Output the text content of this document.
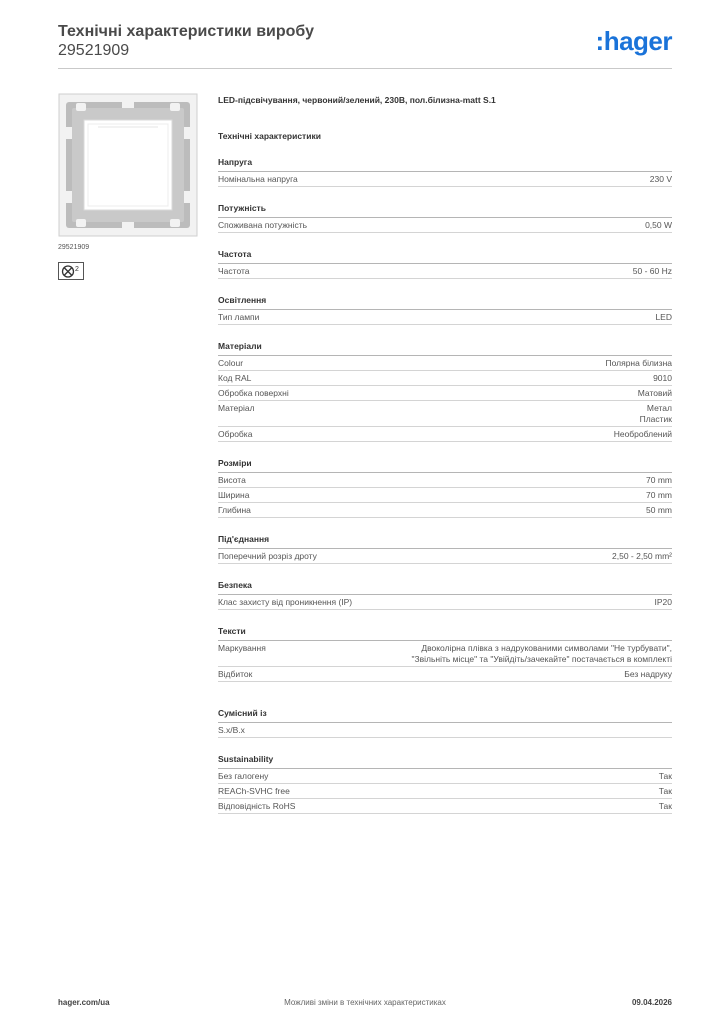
Технічні характеристики виробу
29521909	:hager
29521909
2
LED-підсвічування, червоний/зелений, 230В, пол.білизна-matt S.1
Технічні характеристики
Напруга
Номінальна напруга	230 V
Потужність
Споживана потужність	0,50 W
Частота
Частота	50 - 60 Hz
Освітлення
Тип лампи	LED
Матеріали
Colour	Полярна білизна
Код RAL	9010
Обробка поверхні	Матовий
Матеріал	Метал
Пластик
Обробка	Необроблений
Розміри
Висота	70 mm
Ширина	70 mm
Глибина	50 mm
Під'єднання
Поперечний розріз дроту	2,50 - 2,50 mm²
Безпека
Клас захисту від проникнення (IP)	IP20
Тексти
Маркування	Двоколірна плівка з надрукованими символами "Не турбувати",
"Звільніть місце" та "Увійдіть/зачекайте" постачається в комплекті
Відбиток	Без надруку
Сумісний із
S.x/B.x
Sustainability
Без галогену	Так
REACh-SVHC free	Так
Відповідність RoHS	Так
hager.com/ua	Можливі зміни в технічних характеристиках	09.04.2026
